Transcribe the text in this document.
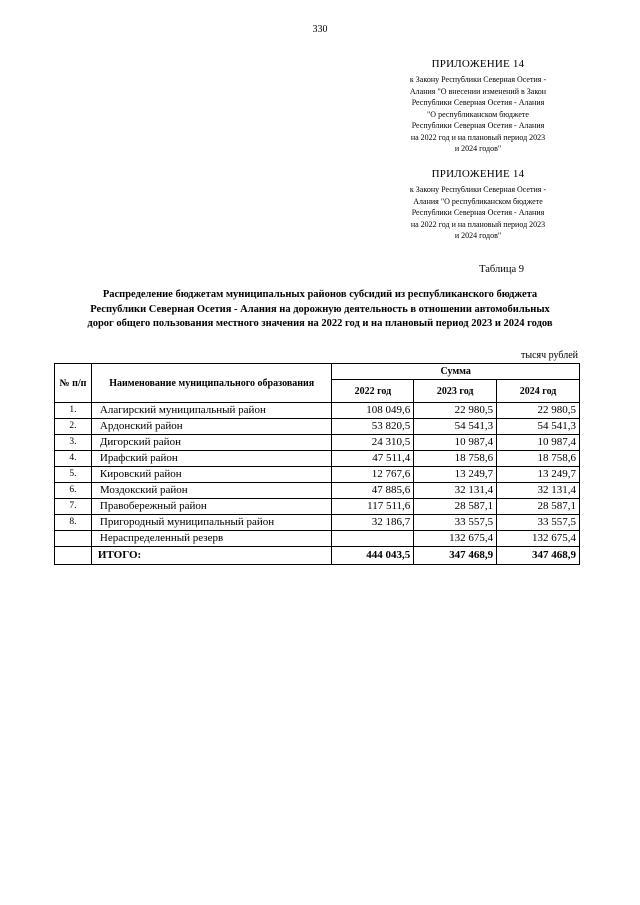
330
ПРИЛОЖЕНИЕ 14
к Закону Республики Северная Осетия -
Алания "О внесении изменений в Закон
Республики Северная Осетия - Алания
"О республиканском бюджете
Республики Северная Осетия - Алания
на 2022 год и на плановый период 2023
и 2024 годов"
ПРИЛОЖЕНИЕ 14
к Закону Республики Северная Осетия -
Алания "О республиканском бюджете
Республики Северная Осетия - Алания
на 2022 год и на плановый период 2023
и 2024 годов"
Таблица 9
Распределение бюджетам муниципальных районов субсидий из республиканского бюджета
Республики Северная Осетия - Алания на дорожную деятельность в отношении автомобильных
дорог общего пользования местного значения на 2022 год и на плановый период 2023 и 2024 годов
тысяч рублей
№ п/п	Наименование муниципального образования	Сумма		
		2022 год	2023 год	2024 год
1.	Алагирский муниципальный район	108 049,6	22 980,5	22 980,5
2.	Ардонский район	53 820,5	54 541,3	54 541,3
3.	Дигорский район	24 310,5	10 987,4	10 987,4
4.	Ирафский район	47 511,4	18 758,6	18 758,6
5.	Кировский район	12 767,6	13 249,7	13 249,7
6.	Моздокский район	47 885,6	32 131,4	32 131,4
7.	Правобережный район	117 511,6	28 587,1	28 587,1
8.	Пригородный муниципальный район	32 186,7	33 557,5	33 557,5
	Нераспределенный резерв		132 675,4	132 675,4
	ИТОГО:	444 043,5	347 468,9	347 468,9
